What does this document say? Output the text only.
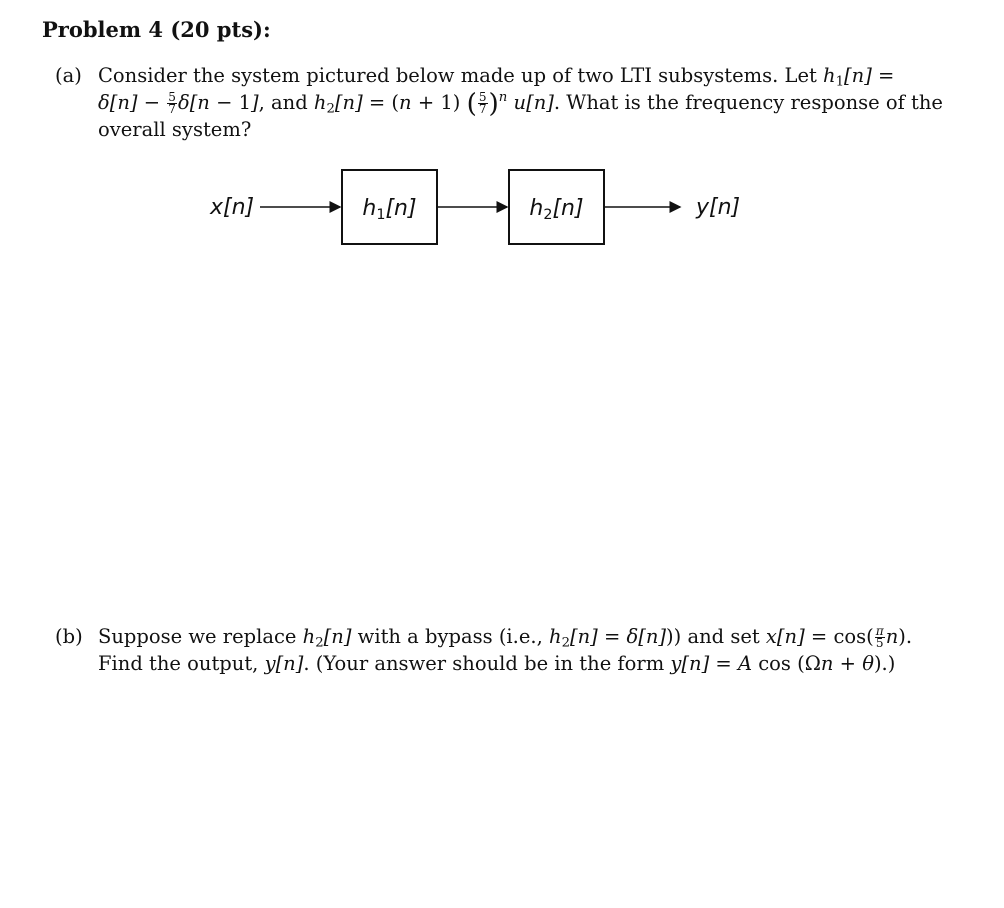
Problem 4 (20 pts):
(a) Consider the system pictured below made up of two LTI subsystems. Let $h_1[n]$ =
$\delta[n] - \frac{5}{7} \delta[n - 1]$, and $h_2[n] = (n + 1)$ ( $\frac{5}{7} )^n$ u[n]. What is the frequency response of the
overall system?
x[n]	$h_1[n]$	$h_2[n]$	y[n]
(b) Suppose we replace $h_2[n]$ with a bypass (i.e., $h_2[n] = \delta[n]$)) and set $x[n] = \cos( \frac{\pi}{5} n)$.
Find the output, y[n]. (Your answer should be in the form y[n] = A cos (Ωn + θ).)
